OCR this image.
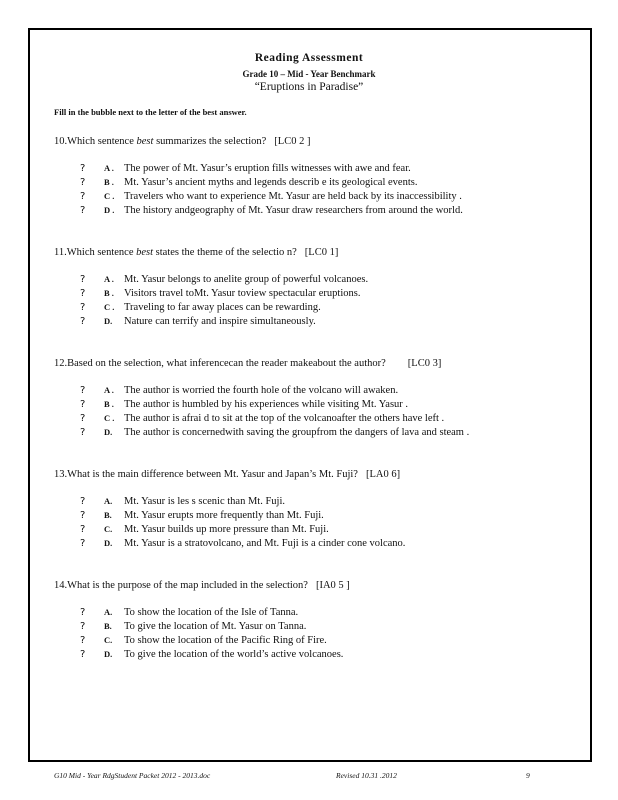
Reading Assessment
Grade 10 – Mid - Year Benchmark
“Eruptions in Paradise”
Fill in the bubble next to the letter of the best answer.
10.Which sentence best summarizes the selection? [LC0 2 ]
? A . The power of Mt. Yasur’s eruption fills witnesses with awe and fear.
? B . Mt. Yasur’s ancient myths and legends describ e its geological events.
? C . Travelers who want to experience Mt. Yasur are held back by its inaccessibility .
? D . The history andgeography of Mt. Yasur draw researchers from around the world.
11.Which sentence best states the theme of the selectio n? [LC0 1]
? A . Mt. Yasur belongs to anelite group of powerful volcanoes.
? B . Visitors travel toMt. Yasur toview spectacular eruptions.
? C . Traveling to far away places can be rewarding.
? D. Nature can terrify and inspire simultaneously.
12.Based on the selection, what inferencecan the reader makeabout the author? [LC0 3]
? A . The author is worried the fourth hole of the volcano will awaken.
? B . The author is humbled by his experiences while visiting Mt. Yasur .
? C . The author is afrai d to sit at the top of the volcanoafter the others have left .
? D. The author is concernedwith saving the groupfrom the dangers of lava and steam .
13.What is the main difference between Mt. Yasur and Japan’s Mt. Fuji? [LA0 6]
? A. Mt. Yasur is les s scenic than Mt. Fuji.
? B. Mt. Yasur erupts more frequently than Mt. Fuji.
? C. Mt. Yasur builds up more pressure than Mt. Fuji.
? D. Mt. Yasur is a stratovolcano, and Mt. Fuji is a cinder cone volcano.
14.What is the purpose of the map included in the selection? [IA0 5 ]
? A. To show the location of the Isle of Tanna.
? B. To give the location of Mt. Yasur on Tanna.
? C. To show the location of the Pacific Ring of Fire.
? D. To give the location of the world’s active volcanoes.
G10 Mid - Year RdgStudent Packet 2012 - 2013.doc	Revised 10.31 .2012	9
